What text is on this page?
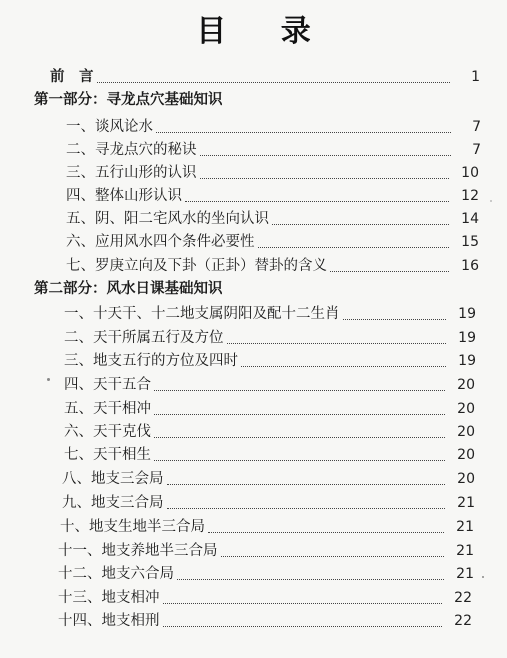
目 录
前　言	1
第一部分：寻龙点穴基础知识
一、谈风论水	7
二、寻龙点穴的秘诀	7
三、五行山形的认识	10
四、整体山形认识	12
五、阴、阳二宅风水的坐向认识	14
六、应用风水四个条件必要性	15
七、罗庚立向及下卦（正卦）替卦的含义	16
第二部分：风水日课基础知识
一、十天干、十二地支属阴阳及配十二生肖	19
二、天干所属五行及方位	19
三、地支五行的方位及四时	19
四、天干五合	20
五、天干相冲	20
六、天干克伐	20
七、天干相生	20
八、地支三会局	20
九、地支三合局	21
十、地支生地半三合局	21
十一、地支养地半三合局	21
十二、地支六合局	21
十三、地支相冲	22
十四、地支相刑	22
